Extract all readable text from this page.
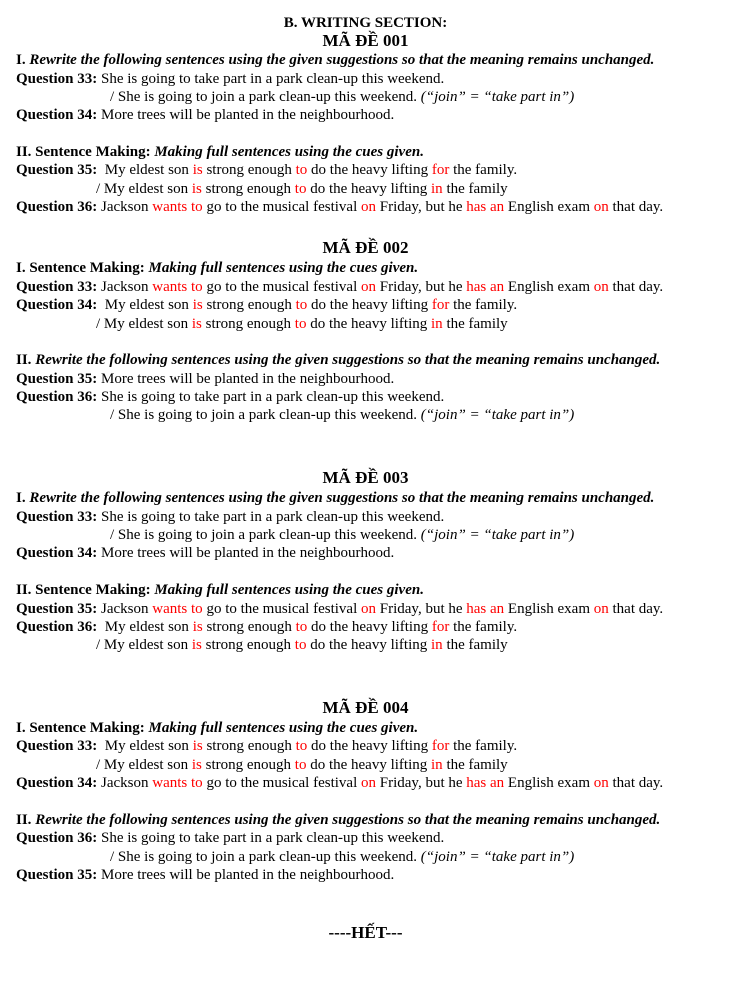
B. WRITING SECTION:
MÃ ĐỀ 001
I. Rewrite the following sentences using the given suggestions so that the meaning remains unchanged.
Question 33: She is going to take part in a park clean-up this weekend.
/ She is going to join a park clean-up this weekend. (“join” = “take part in”)
Question 34: More trees will be planted in the neighbourhood.
II. Sentence Making: Making full sentences using the cues given.
Question 35:  My eldest son is strong enough to do the heavy lifting for the family.
/ My eldest son is strong enough to do the heavy lifting in the family
Question 36: Jackson wants to go to the musical festival on Friday, but he has an English exam on that day.
MÃ ĐỀ 002
I. Sentence Making: Making full sentences using the cues given.
Question 33: Jackson wants to go to the musical festival on Friday, but he has an English exam on that day.
Question 34:  My eldest son is strong enough to do the heavy lifting for the family.
/ My eldest son is strong enough to do the heavy lifting in the family
II. Rewrite the following sentences using the given suggestions so that the meaning remains unchanged.
Question 35: More trees will be planted in the neighbourhood.
Question 36: She is going to take part in a park clean-up this weekend.
/ She is going to join a park clean-up this weekend. (“join” = “take part in”)
MÃ ĐỀ 003
I. Rewrite the following sentences using the given suggestions so that the meaning remains unchanged.
Question 33: She is going to take part in a park clean-up this weekend.
/ She is going to join a park clean-up this weekend. (“join” = “take part in”)
Question 34: More trees will be planted in the neighbourhood.
II. Sentence Making: Making full sentences using the cues given.
Question 35: Jackson wants to go to the musical festival on Friday, but he has an English exam on that day.
Question 36:  My eldest son is strong enough to do the heavy lifting for the family.
/ My eldest son is strong enough to do the heavy lifting in the family
MÃ ĐỀ 004
I. Sentence Making: Making full sentences using the cues given.
Question 33:  My eldest son is strong enough to do the heavy lifting for the family.
/ My eldest son is strong enough to do the heavy lifting in the family
Question 34: Jackson wants to go to the musical festival on Friday, but he has an English exam on that day.
II. Rewrite the following sentences using the given suggestions so that the meaning remains unchanged.
Question 36: She is going to take part in a park clean-up this weekend.
/ She is going to join a park clean-up this weekend. (“join” = “take part in”)
Question 35: More trees will be planted in the neighbourhood.
----HẾT---
